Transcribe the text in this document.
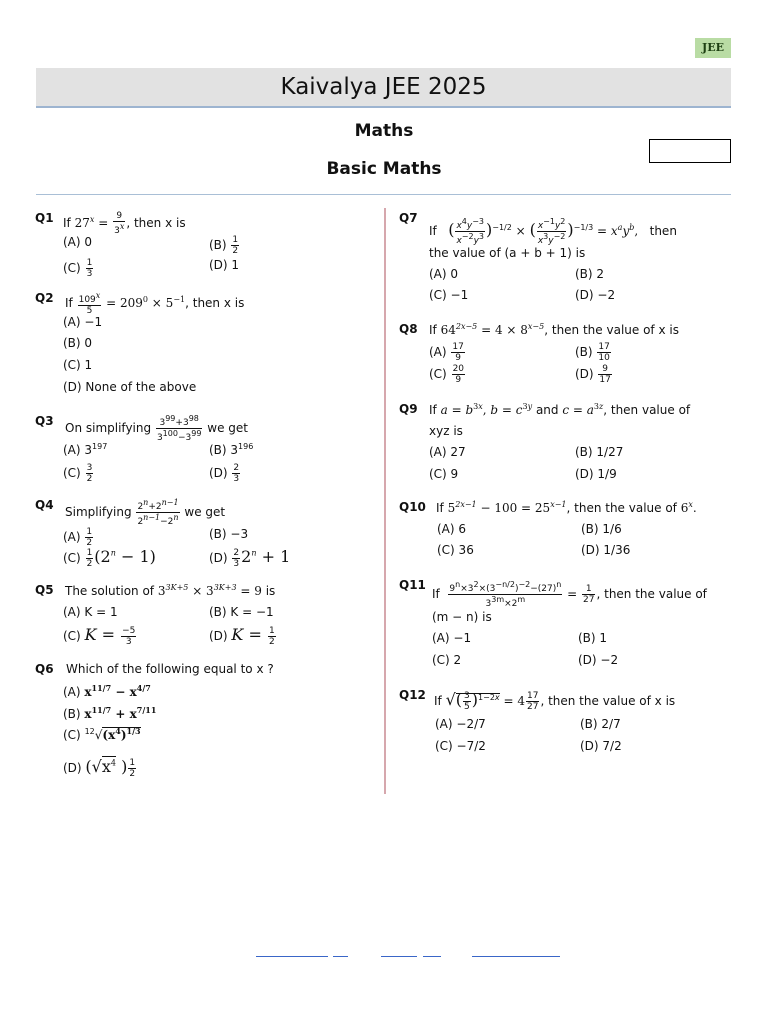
JEE
Kaivalya JEE 2025
Maths
Basic Maths
Q1 If $27^x = \frac{9}{3^x}$ , then x is
(A) 0	$(B) \frac{1}{2}$
$(C) \frac{1}{3}$	(D) 1
Q2 If $\frac{109^x}{5} = 209^0 \times 5^{-1}$, then x is
(A) −1
(B) 0
(C) 1
(D) None of the above
Q3 On simplifying $\frac{3^{99}+3^{98}}{3^{100}-3^{99}}$ we get
(A) $3^{197}$	(B) $3^{196}$
$(C) \frac{3}{2}$	$(D) \frac{2}{3}$
Q4 Simplifying $\frac{2^n+2^{n-1}}{2^{n-1}-2^n}$ we get
$(A) \frac{1}{2}$	(B) −3
$(C) \frac{1}{2} (2^n - 1)$	$(D) \frac{2}{3} 2^n + 1$
Q5 The solution of $3^{3K+5} \times 3^{3K+3} = 9$ is
(A) K = 1	(B) K = −1
(C) $K = \frac{-5}{3}$	(D) $K = \frac{1}{2}$
Q6 Which of the following equal to x ?
(A) $x^{11/7} - x^{4/7}$
(B) $x^{11/7} + x^{7/11}$
(C) $^{12}√(x^4)^{1/3}$
(D) ($√x^4$ ) $\frac{1}{2}$
Q7
If ( $\frac{x^4y^{-3}}{x^{-2}y^3} )^{-1/2}$ × ( $\frac{x^{-1}y^2}{x^3y^{-2}} )^{-1/3} = x^ay^b$, then
the value of (a + b + 1) is
(A) 0	(B) 2
(C) −1	(D) −2
Q8 If $64^{2x-5} = 4 \times 8^{x-5}$, then the value of x is
$(A) \frac{17}{9}$	$(B) \frac{17}{10}$
$(C) \frac{20}{9}$	$(D) \frac{9}{17}$
Q9 If $a = b^{3x}$, $b = c^{3y}$ and $c = a^{3z}$, then value of
xyz is
(A) 27	(B) 1/27
(C) 9	(D) 1/9
Q10 If $5^{2x-1} - 100 = 25^{x-1}$, then the value of 6$^x$.
(A) 6	(B) 1/6
(C) 36	(D) 1/36
Q11
If $\frac{9^n\times 3^2\times(3^{-n/2})^{-2}-(27)^n}{3^{3m}\times 2^m} = \frac{1}{27}$ , then the value of
(m − n) is
(A) −1	(B) 1
(C) 2	(D) −2
Q12 If √( $\frac{3}{5} )^{1-2x} = 4 \frac{17}{27}$ , then the value of x is
(A) −2/7	(B) 2/7
(C) −7/2	(D) 7/2
